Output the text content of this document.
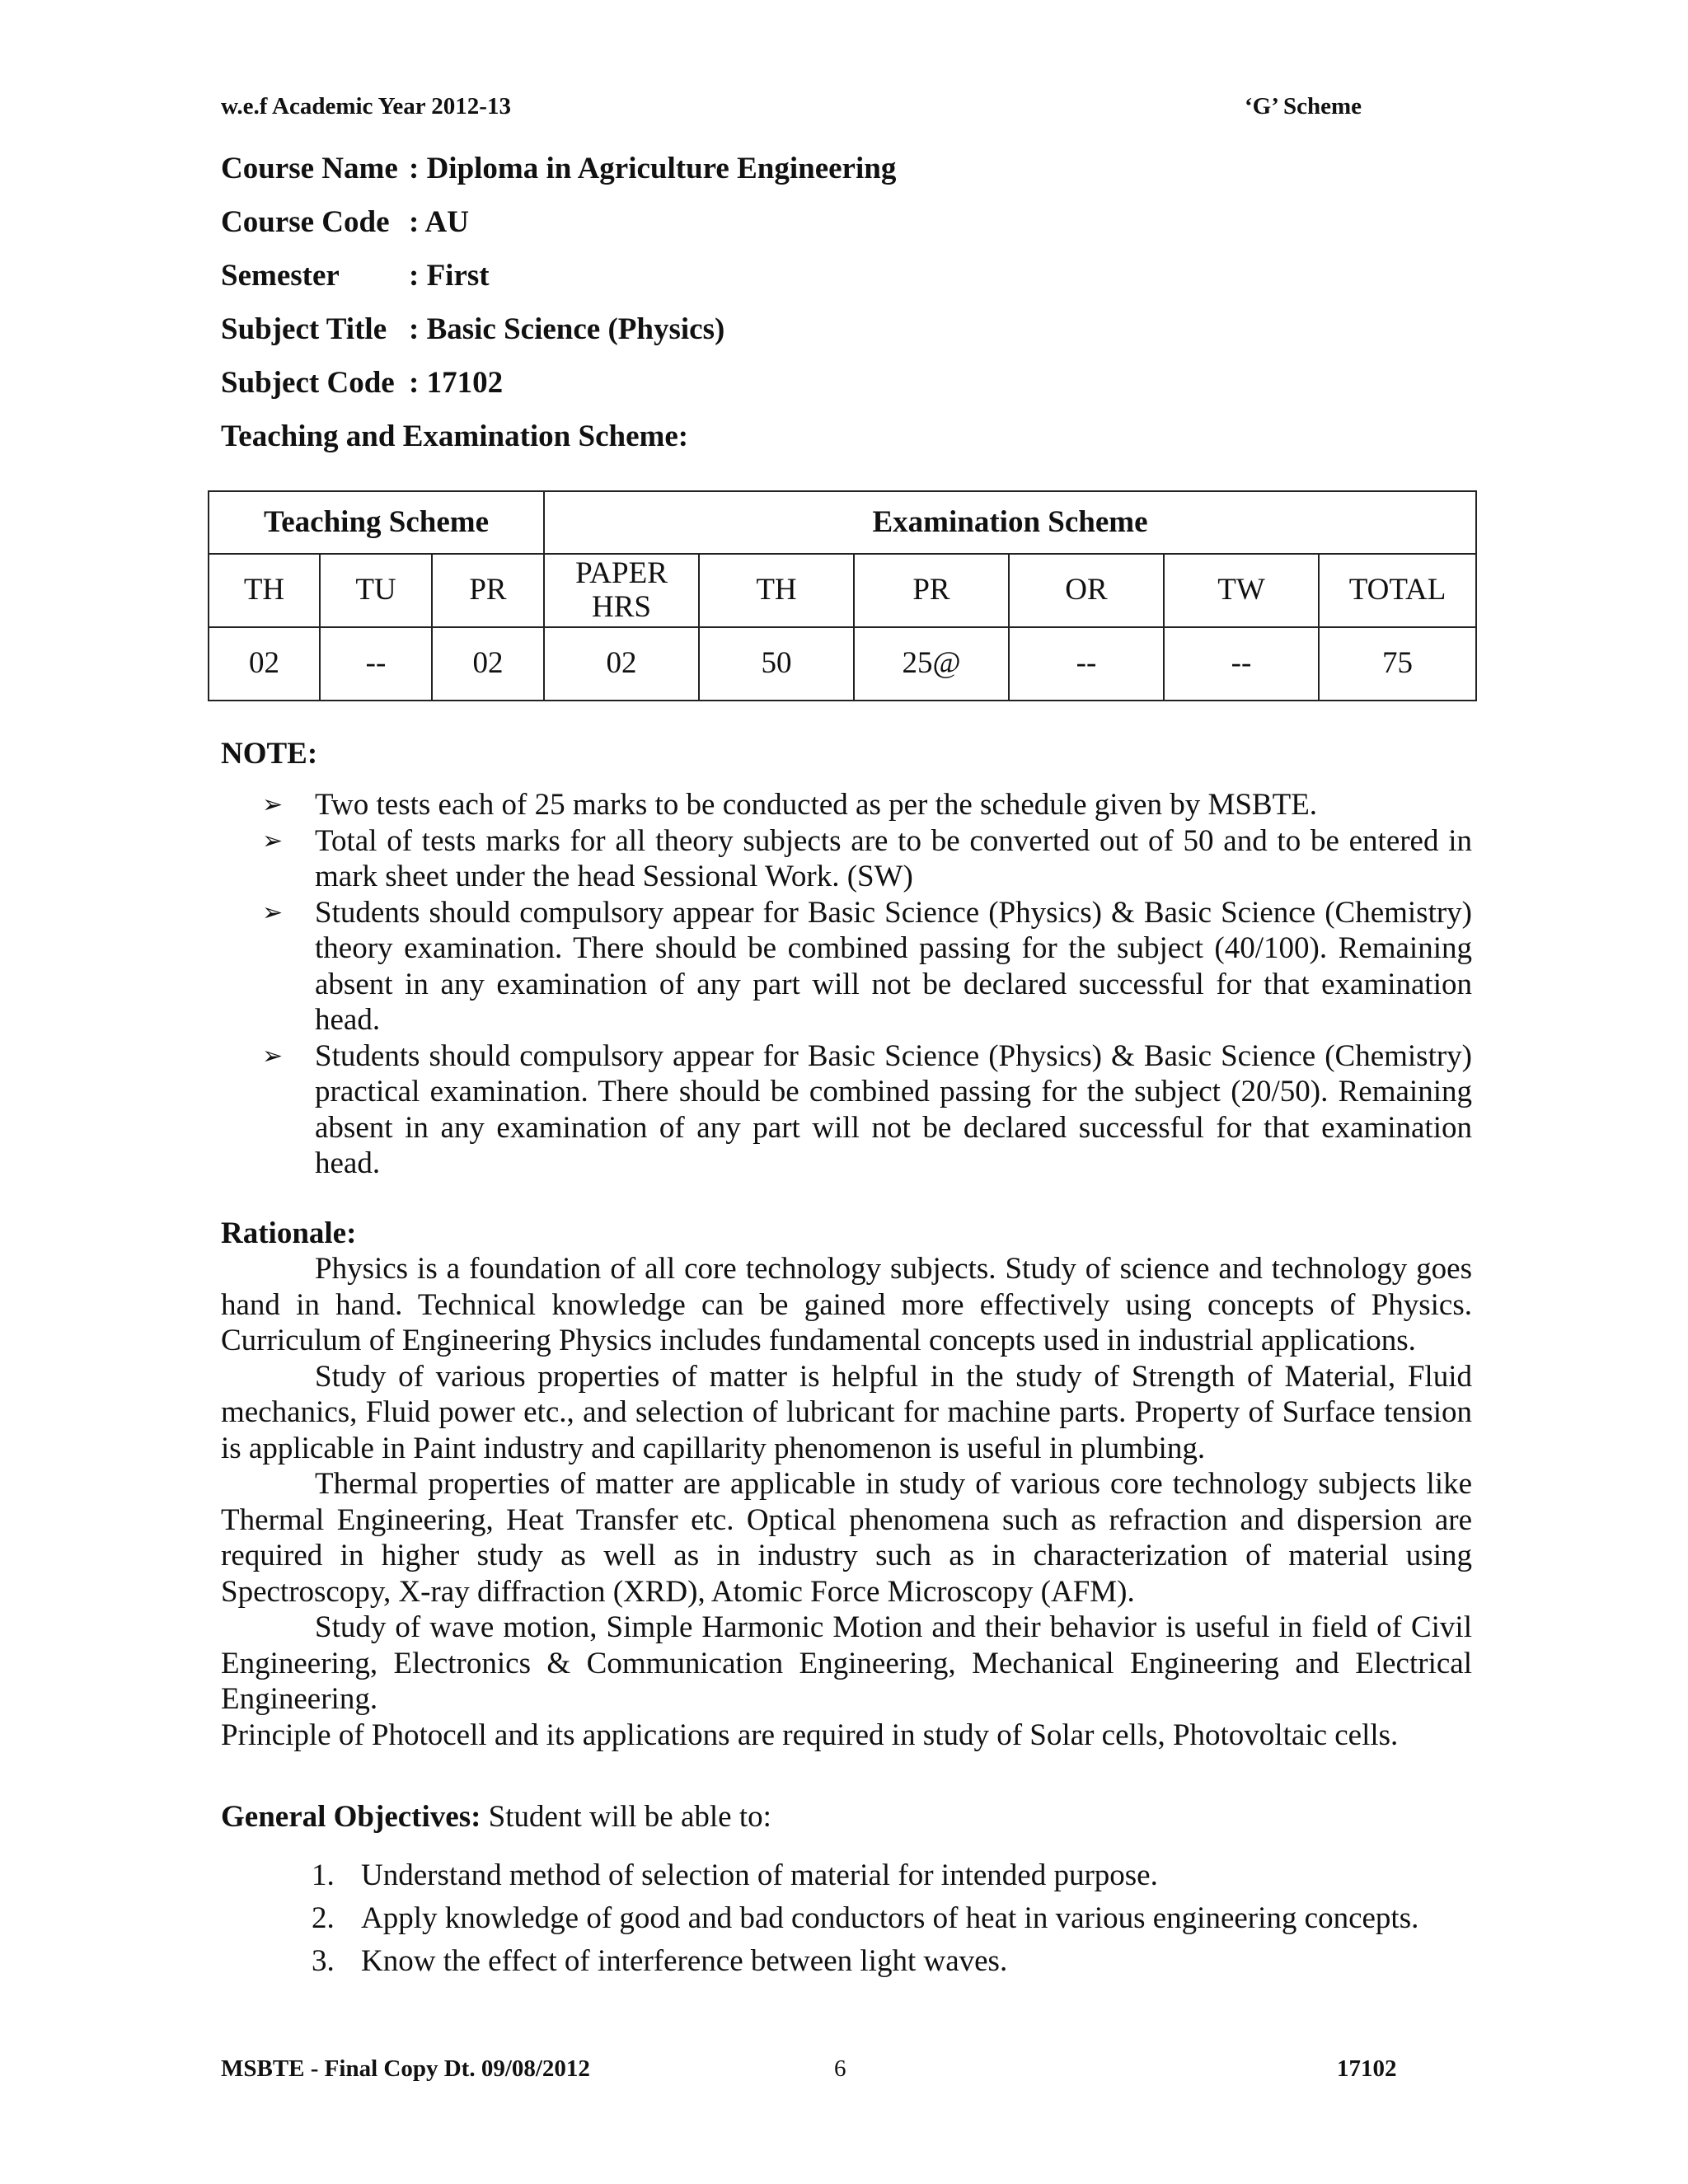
w.e.f Academic Year 2012-13	‘G’ Scheme
Course Name : Diploma in Agriculture Engineering
Course Code : AU
Semester : First
Subject Title : Basic Science (Physics)
Subject Code : 17102
Teaching and Examination Scheme:
Teaching Scheme			Examination Scheme					
TH	TU	PR	PAPER HRS	TH	PR	OR	TW	TOTAL
02	--	02	02	50	25@	--	--	75
NOTE:
➢ Two tests each of 25 marks to be conducted as per the schedule given by MSBTE.
➢ Total of tests marks for all theory subjects are to be converted out of 50 and to be entered in mark sheet under the head Sessional Work. (SW)
➢ Students should compulsory appear for Basic Science (Physics) & Basic Science (Chemistry) theory examination. There should be combined passing for the subject (40/100). Remaining absent in any examination of any part will not be declared successful for that examination head.
➢ Students should compulsory appear for Basic Science (Physics) & Basic Science (Chemistry) practical examination. There should be combined passing for the subject (20/50). Remaining absent in any examination of any part will not be declared successful for that examination head.
Rationale:

Physics is a foundation of all core technology subjects. Study of science and technology goes hand in hand. Technical knowledge can be gained more effectively using concepts of Physics. Curriculum of Engineering Physics includes fundamental concepts used in industrial applications.

Study of various properties of matter is helpful in the study of Strength of Material, Fluid mechanics, Fluid power etc., and selection of lubricant for machine parts. Property of Surface tension is applicable in Paint industry and capillarity phenomenon is useful in plumbing.

Thermal properties of matter are applicable in study of various core technology subjects like Thermal Engineering, Heat Transfer etc. Optical phenomena such as refraction and dispersion are required in higher study as well as in industry such as in characterization of material using Spectroscopy, X-ray diffraction (XRD), Atomic Force Microscopy (AFM).

Study of wave motion, Simple Harmonic Motion and their behavior is useful in field of Civil Engineering, Electronics & Communication Engineering, Mechanical Engineering and Electrical Engineering.

Principle of Photocell and its applications are required in study of Solar cells, Photovoltaic cells.

General Objectives: Student will be able to:
1. Understand method of selection of material for intended purpose.
2. Apply knowledge of good and bad conductors of heat in various engineering concepts.
3. Know the effect of interference between light waves.
MSBTE - Final Copy Dt. 09/08/2012	6	17102
